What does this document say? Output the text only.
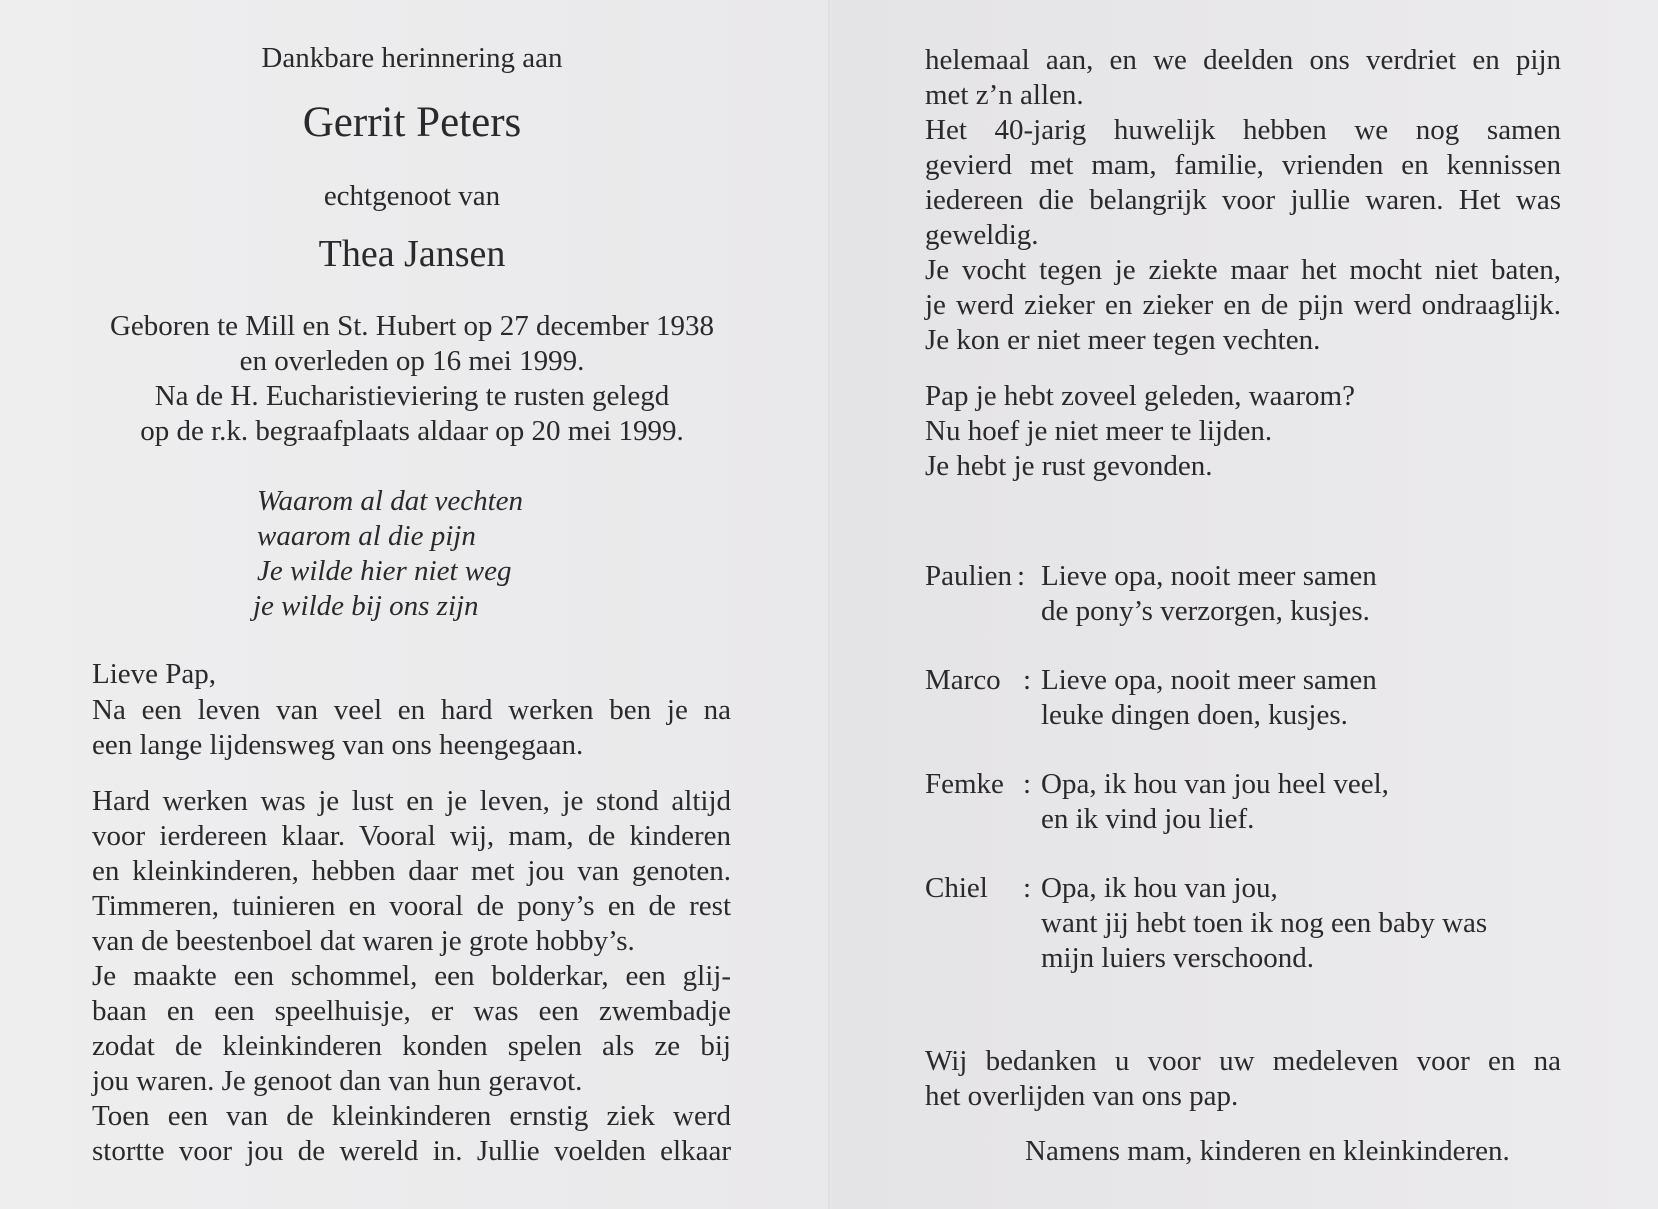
Dankbare herinnering aan
Gerrit Peters
echtgenoot van
Thea Jansen
Geboren te Mill en St. Hubert op 27 december 1938
en overleden op 16 mei 1999.
Na de H. Eucharistieviering te rusten gelegd
op de r.k. begraafplaats aldaar op 20 mei 1999.
Waarom al dat vechten
waarom al die pijn
Je wilde hier niet weg
je wilde bij ons zijn
Lieve Pap,
Na een leven van veel en hard werken ben je na
een lange lijdensweg van ons heengegaan.
Hard werken was je lust en je leven, je stond altijd
voor ierdereen klaar. Vooral wij, mam, de kinderen
en kleinkinderen, hebben daar met jou van genoten.
Timmeren, tuinieren en vooral de pony’s en de rest
van de beestenboel dat waren je grote hobby’s.
Je maakte een schommel, een bolderkar, een glij-
baan en een speelhuisje, er was een zwembadje
zodat de kleinkinderen konden spelen als ze bij
jou waren. Je genoot dan van hun geravot.
Toen een van de kleinkinderen ernstig ziek werd
stortte voor jou de wereld in. Jullie voelden elkaar
helemaal aan, en we deelden ons verdriet en pijn
met z’n allen.
Het 40-jarig huwelijk hebben we nog samen
gevierd met mam, familie, vrienden en kennissen
iedereen die belangrijk voor jullie waren. Het was
geweldig.
Je vocht tegen je ziekte maar het mocht niet baten,
je werd zieker en zieker en de pijn werd ondraaglijk.
Je kon er niet meer tegen vechten.
Pap je hebt zoveel geleden, waarom?
Nu hoef je niet meer te lijden.
Je hebt je rust gevonden.
Paulien : Lieve opa, nooit meer samen
de pony’s verzorgen, kusjes.
Marco : Lieve opa, nooit meer samen
leuke dingen doen, kusjes.
Femke : Opa, ik hou van jou heel veel,
en ik vind jou lief.
Chiel : Opa, ik hou van jou,
want jij hebt toen ik nog een baby was
mijn luiers verschoond.
Wij bedanken u voor uw medeleven voor en na
het overlijden van ons pap.
Namens mam, kinderen en kleinkinderen.
